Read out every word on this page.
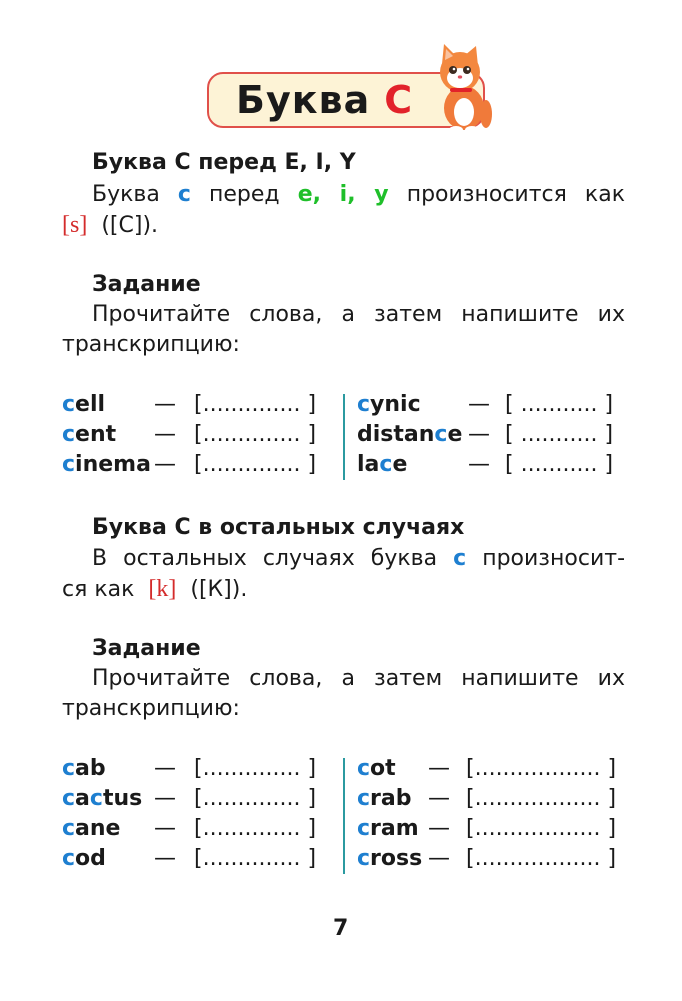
Буква C
Буква C перед E, I, Y
Буква c перед e, i, y произносится как
[s] ([С]).
Задание
Прочитайте слова, а затем напишите их
транскрипцию:
cell — [.............. ]
cent — [.............. ]
cinema — [.............. ]
cynic — [ ........... ]
distance — [ ........... ]
lace	— [ ........... ]
Буква C в остальных случаях
В остальных случаях буква c произносит-
ся как [k] ([К]).
Задание
Прочитайте слова, а затем напишите их
транскрипцию:
cab — [.............. ]
cactus — [.............. ]
cane — [.............. ]
cod — [.............. ]
cot — [.................. ]
crab — [.................. ]
cram — [.................. ]
cross — [.................. ]
7
